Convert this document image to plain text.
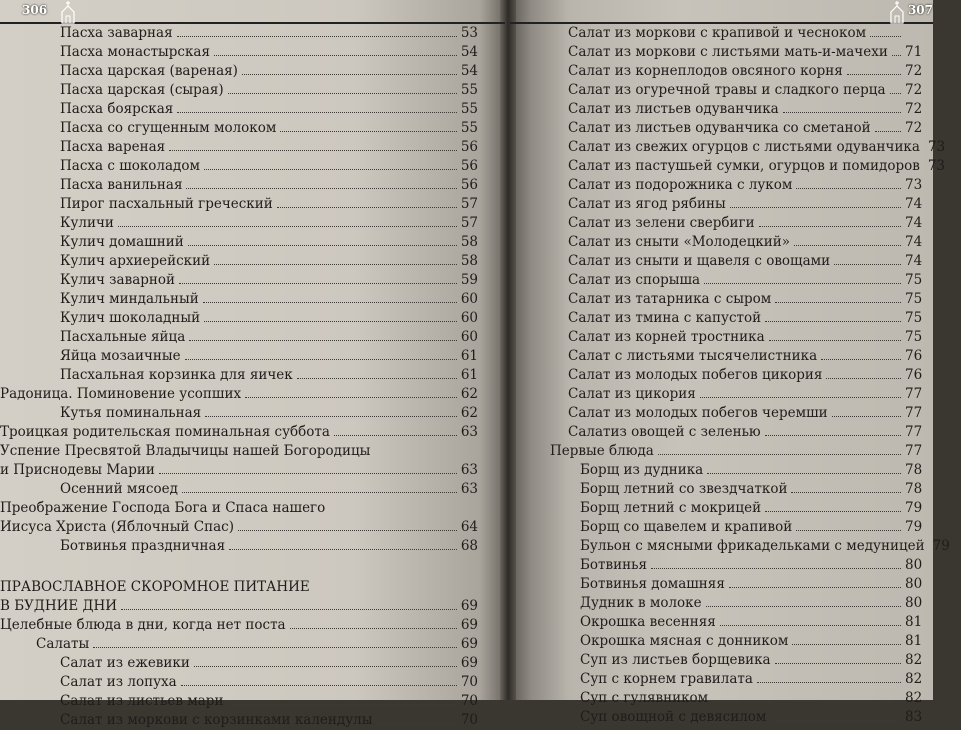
306	307
Пасха заварная	53
Пасха монастырская	54
Пасха царская (вареная)	54
Пасха царская (сырая)	55
Пасха боярская	55
Пасха со сгущенным молоком	55
Пасха вареная	56
Пасха с шоколадом	56
Пасха ванильная	56
Пирог пасхальный греческий	57
Куличи	57
Кулич домашний	58
Кулич архиерейский	58
Кулич заварной	59
Кулич миндальный	60
Кулич шоколадный	60
Пасхальные яйца	60
Яйца мозаичные	61
Пасхальная корзинка для яичек	61
Радоница. Поминовение усопших	62
Кутья поминальная	62
Троицкая родительская поминальная суббота	63
Успение Пресвятой Владычицы нашей Богородицы
и Приснодевы Марии	63
Осенний мясоед	63
Преображение Господа Бога и Спаса нашего
Иисуса Христа (Яблочный Спас)	64
Ботвинья праздничная	68
ПРАВОСЛАВНОЕ СКОРОМНОЕ ПИТАНИЕ
В БУДНИЕ ДНИ	69
Целебные блюда в дни, когда нет поста	69
Салаты	69
Салат из ежевики	69
Салат из лопуха	70
Салат из листьев мари	70
Салат из моркови с корзинками календулы	70
Салат из моркови с крапивой и чесноком
Салат из моркови с листьями мать-и-мачехи 71
Салат из корнеплодов овсяного корня	72
Салат из огуречной травы и сладкого перца 72
Салат из листьев одуванчика	72
Салат из листьев одуванчика со сметаной	72
Салат из свежих огурцов с листьями одуванчика 73
Салат из пастушьей сумки, огурцов и помидоров 73
Салат из подорожника с луком	73
Салат из ягод рябины	74
Салат из зелени свербиги	74
Салат из сныти «Молодецкий»	74
Салат из сныти и щавеля с овощами	74
Салат из спорыша	75
Салат из татарника с сыром	75
Салат из тмина с капустой	75
Салат из корней тростника	75
Салат с листьями тысячелистника	76
Салат из молодых побегов цикория	76
Салат из цикория	77
Салат из молодых побегов черемши	77
Салатиз овощей с зеленью	77
Первые блюда	77
Борщ из дудника	78
Борщ летний со звездчаткой	78
Борщ летний с мокрицей	79
Борщ со щавелем и крапивой	79
Бульон с мясными фрикадельками с медуницей 79
Ботвинья	80
Ботвинья домашняя	80
Дудник в молоке	80
Окрошка весенняя	81
Окрошка мясная с донником	81
Суп из листьев борщевика	82
Суп с корнем гравилата	82
Суп с гулявником	82
Суп овощной с девясилом	83
